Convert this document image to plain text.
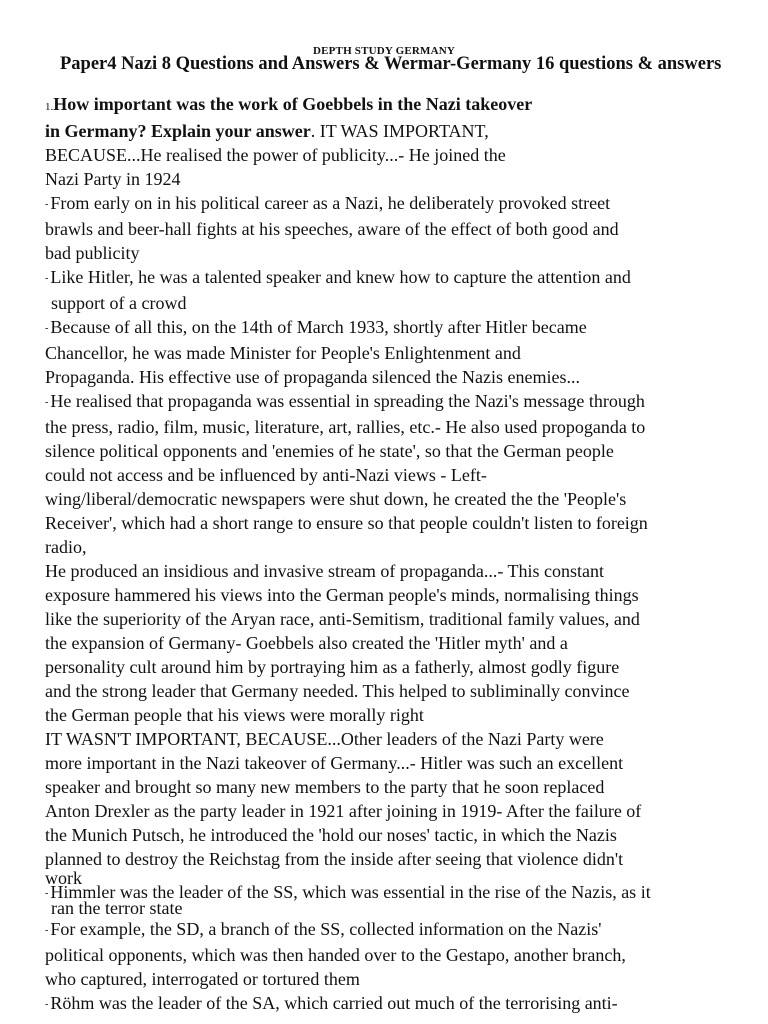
DEPTH STUDY GERMANY
Paper4 Nazi 8 Questions and Answers & Wermar-Germany 16 questions & answers

1.How important was the work of Goebbels in the Nazi takeover

in Germany? Explain your answer. IT WAS IMPORTANT,

BECAUSE...He realised the power of publicity...- He joined the

Nazi Party in 1924

- From early on in his political career as a Nazi, he deliberately provoked street

brawls and beer-hall fights at his speeches, aware of the effect of both good and

bad publicity

- Like Hitler, he was a talented speaker and knew how to capture the attention and

support of a crowd

- Because of all this, on the 14th of March 1933, shortly after Hitler became

Chancellor, he was made Minister for People's Enlightenment and

Propaganda. His effective use of propaganda silenced the Nazis enemies...

- He realised that propaganda was essential in spreading the Nazi's message through

the press, radio, film, music, literature, art, rallies, etc.- He also used propoganda to

silence political opponents and 'enemies of he state', so that the German people

could not access and be influenced by anti-Nazi views - Left-

wing/liberal/democratic newspapers were shut down, he created the the 'People's

Receiver', which had a short range to ensure so that people couldn't listen to foreign

radio,

He produced an insidious and invasive stream of propaganda...- This constant

exposure hammered his views into the German people's minds, normalising things

like the superiority of the Aryan race, anti-Semitism, traditional family values, and

the expansion of Germany- Goebbels also created the 'Hitler myth' and a

personality cult around him by portraying him as a fatherly, almost godly figure

and the strong leader that Germany needed. This helped to subliminally convince

the German people that his views were morally right

IT WASN'T IMPORTANT, BECAUSE...Other leaders of the Nazi Party were

more important in the Nazi takeover of Germany...- Hitler was such an excellent

speaker and brought so many new members to the party that he soon replaced

Anton Drexler as the party leader in 1921 after joining in 1919- After the failure of

the Munich Putsch, he introduced the 'hold our noses' tactic, in which the Nazis

planned to destroy the Reichstag from the inside after seeing that violence didn't

work

- Himmler was the leader of the SS, which was essential in the rise of the Nazis, as it

ran the terror state

- For example, the SD, a branch of the SS, collected information on the Nazis'

political opponents, which was then handed over to the Gestapo, another branch,

who captured, interrogated or tortured them

- Röhm was the leader of the SA, which carried out much of the terrorising anti-
